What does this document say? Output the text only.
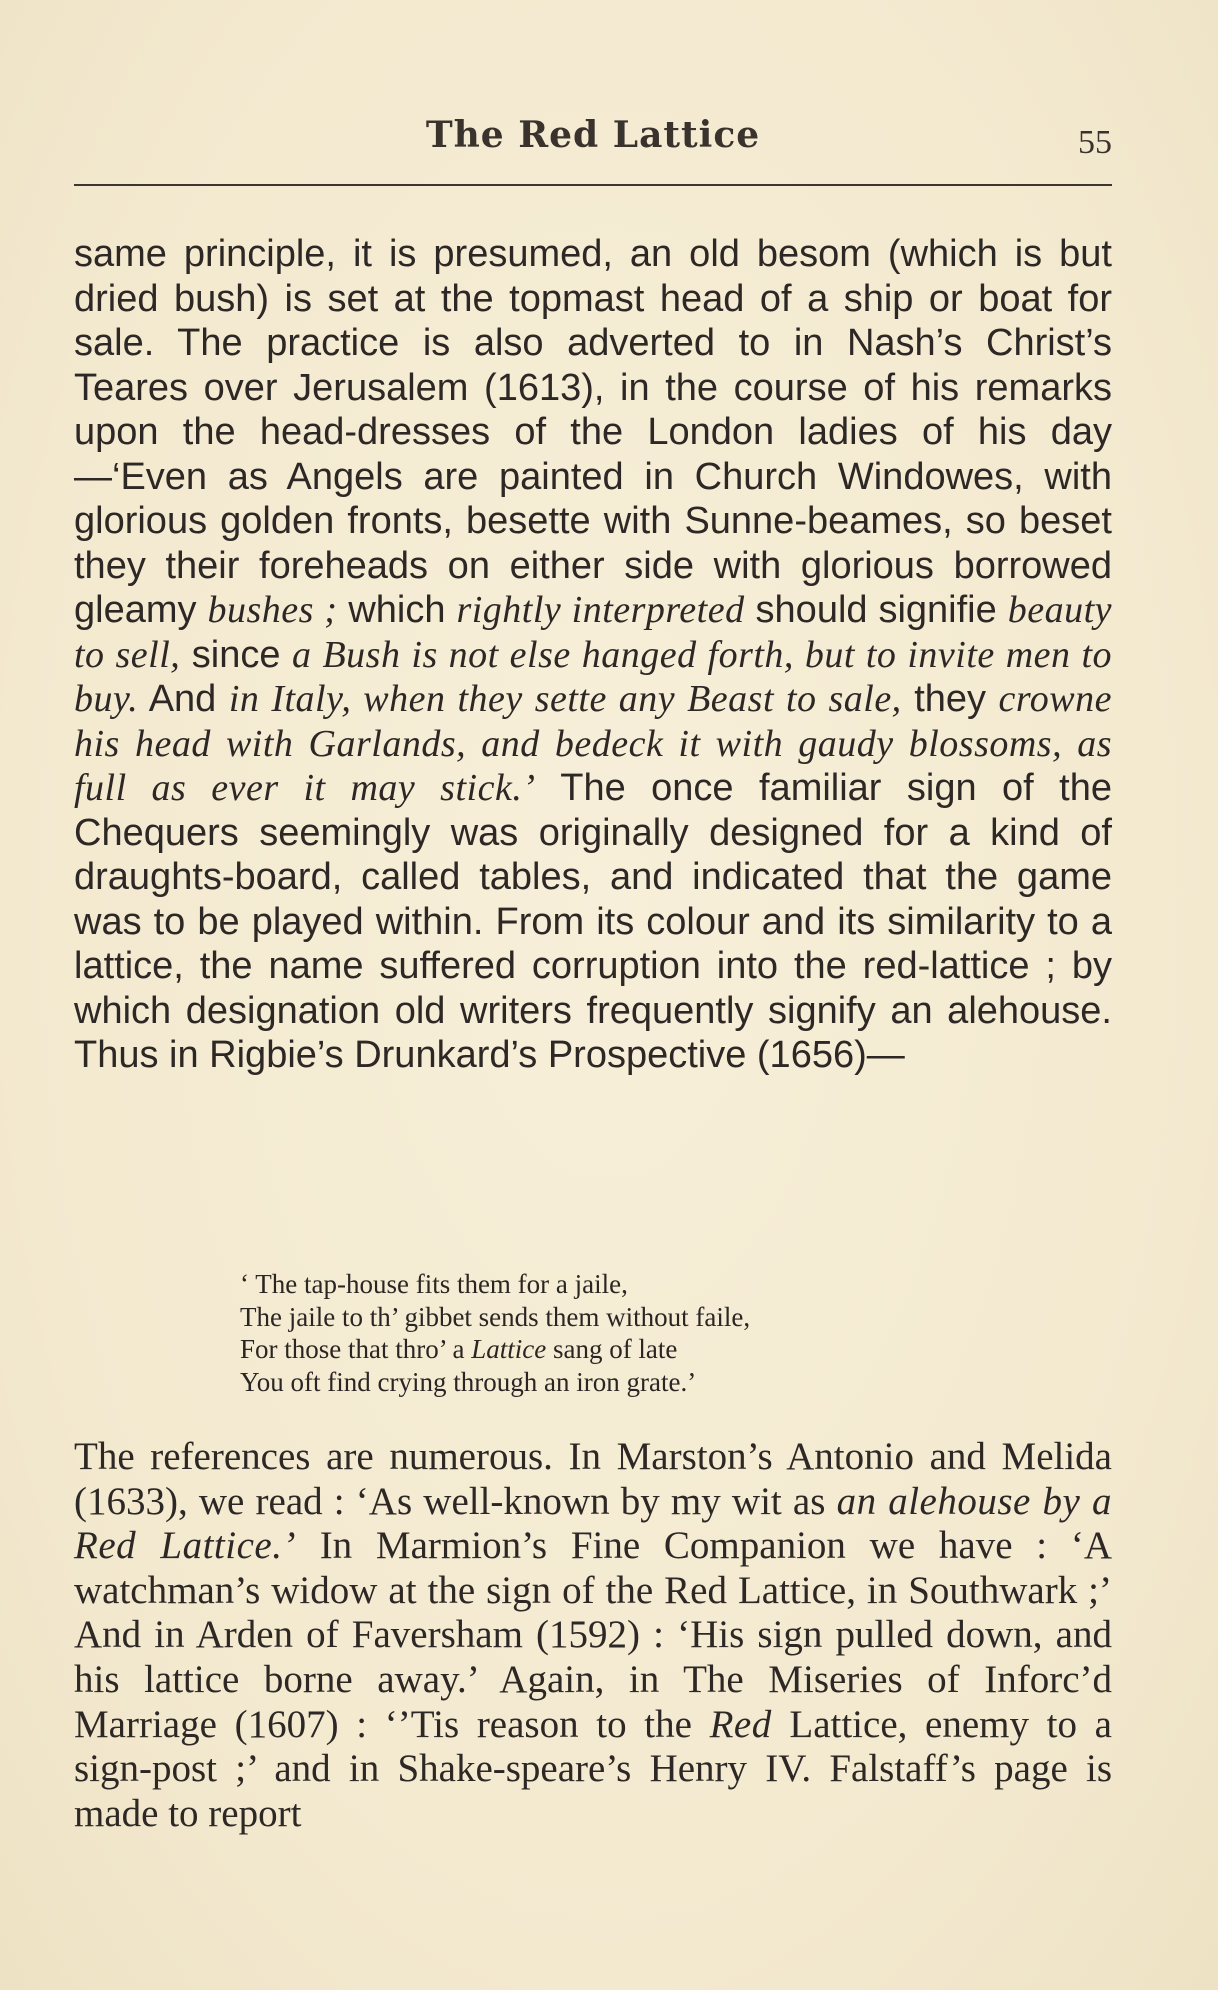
The Red Lattice	55
same principle, it is presumed, an old besom (which is but dried bush) is set at the topmast head of a ship or boat for sale. The practice is also adverted to in Nash’s Christ’s Teares over Jerusalem (1613), in the course of his remarks upon the head-dresses of the London ladies of his day—‘Even as Angels are painted in Church Windowes, with glorious golden fronts, besette with Sunne-beames, so beset they their foreheads on either side with glorious borrowed gleamy bushes ; which rightly interpreted should signifie beauty to sell, since a Bush is not else hanged forth, but to invite men to buy. And in Italy, when they sette any Beast to sale, they crowne his head with Garlands, and bedeck it with gaudy blossoms, as full as ever it may stick.’ The once familiar sign of the Chequers seemingly was originally designed for a kind of draughts-board, called tables, and indicated that the game was to be played within. From its colour and its similarity to a lattice, the name suffered corruption into the red-lattice ; by which designation old writers frequently signify an alehouse. Thus in Rigbie’s Drunkard’s Prospective (1656)—
‘ The tap-house fits them for a jaile,
The jaile to th’ gibbet sends them without faile,
For those that thro’ a Lattice sang of late
You oft find crying through an iron grate.’
The references are numerous. In Marston’s Antonio and Melida (1633), we read : ‘As well-known by my wit as an alehouse by a Red Lattice.’ In Marmion’s Fine Companion we have : ‘A watchman’s widow at the sign of the Red Lattice, in Southwark ;’ And in Arden of Faversham (1592) : ‘His sign pulled down, and his lattice borne away.’ Again, in The Miseries of Inforc’d Marriage (1607) : ‘’Tis reason to the Red Lattice, enemy to a sign-post ;’ and in Shake-speare’s Henry IV. Falstaff’s page is made to report
